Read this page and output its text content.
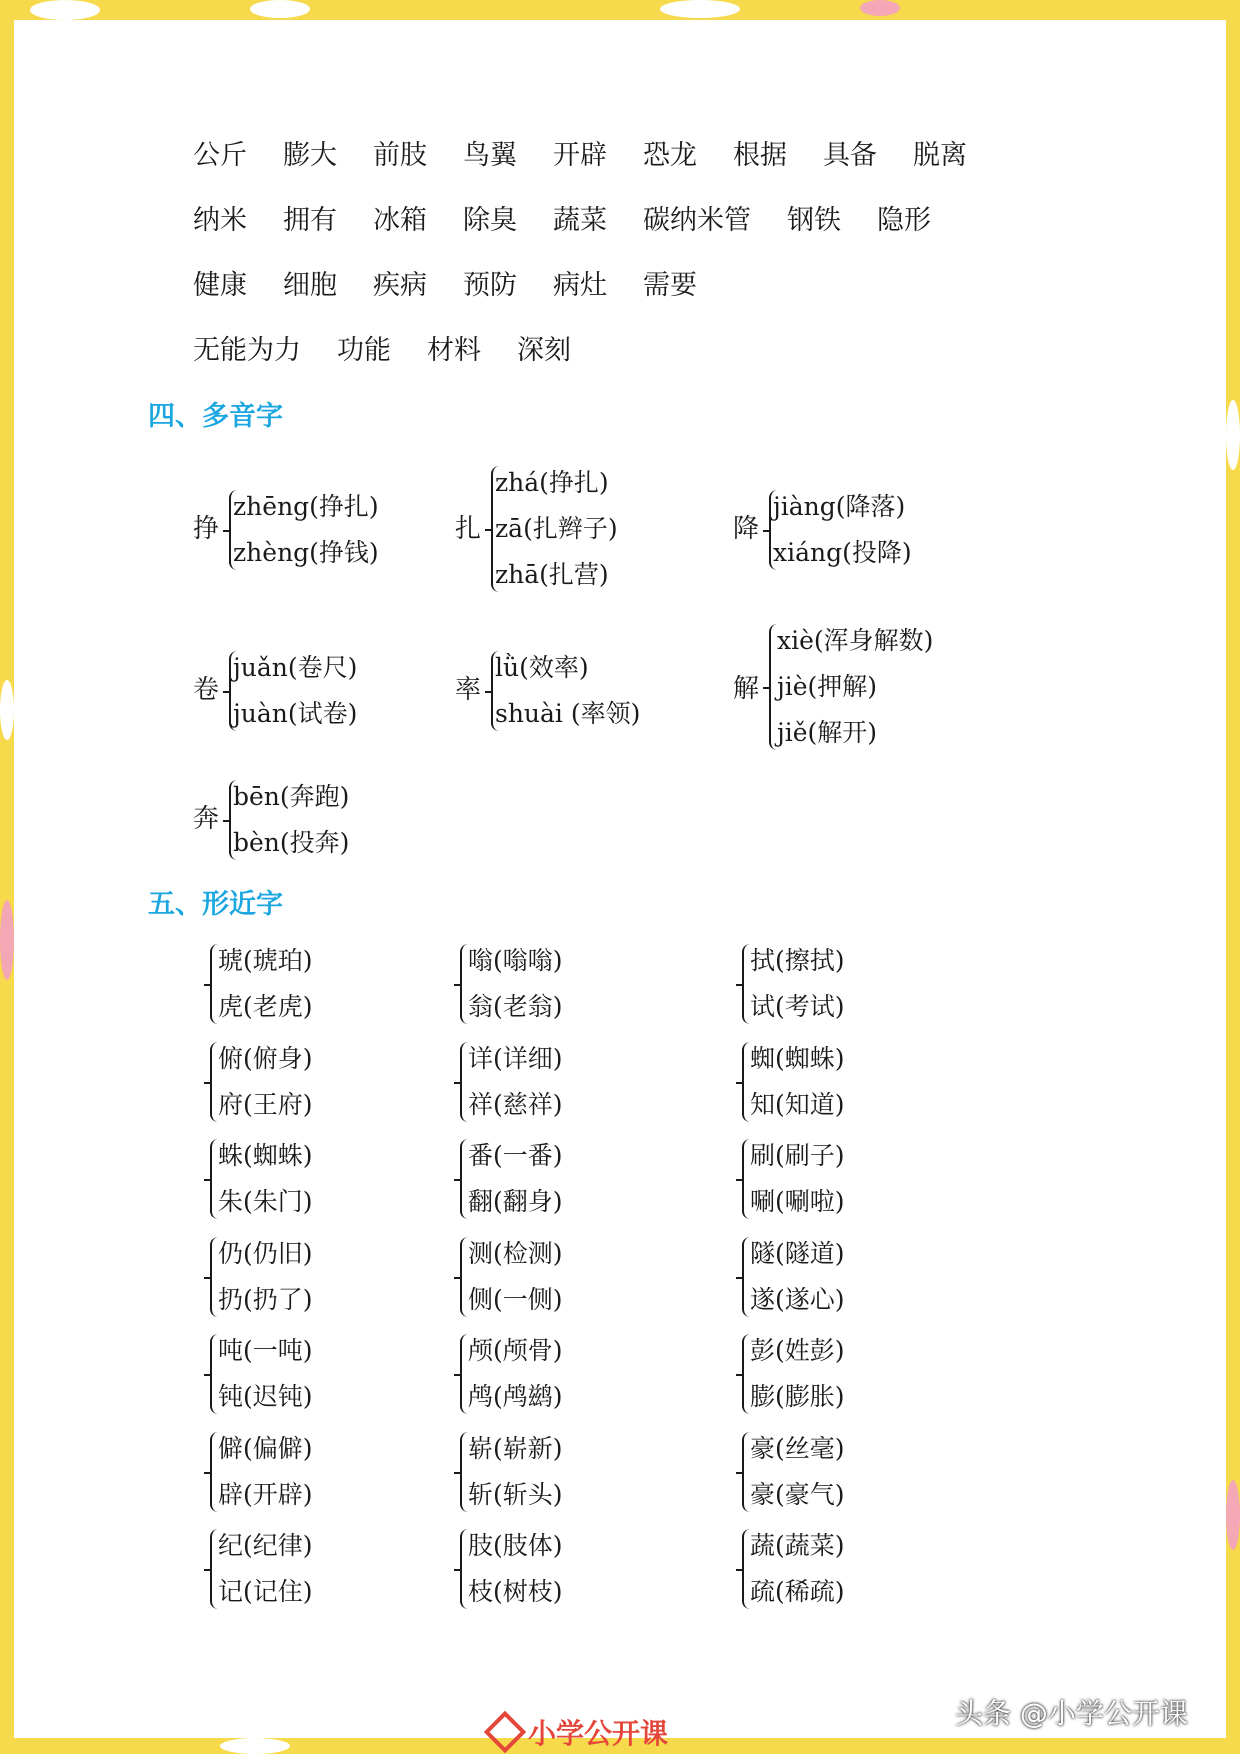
公斤 膨大 前肢 鸟翼 开辟 恐龙 根据 具备 脱离
纳米 拥有 冰箱 除臭 蔬菜 碳纳米管 钢铁 隐形
健康 细胞 疾病 预防 病灶 需要
无能为力 功能 材料 深刻
四、多音字
挣
zhēng(挣扎)
zhèng(挣钱)
扎
zhá(挣扎)
zā(扎辫子)
zhā(扎营)
降
jiàng(降落)
xiáng(投降)
卷
juǎn(卷尺)
juàn(试卷)
率
lǜ(效率)
shuài (率领)
解
xiè(浑身解数)
jiè(押解)
jiě(解开)
奔
bēn(奔跑)
bèn(投奔)
五、形近字
琥(琥珀)
虎(老虎)
嗡(嗡嗡)
翁(老翁)
拭(擦拭)
试(考试)
俯(俯身)
府(王府)
详(详细)
祥(慈祥)
蜘(蜘蛛)
知(知道)
蛛(蜘蛛)
朱(朱门)
番(一番)
翻(翻身)
刷(刷子)
唰(唰啦)
仍(仍旧)
扔(扔了)
测(检测)
侧(一侧)
隧(隧道)
遂(遂心)
吨(一吨)
钝(迟钝)
颅(颅骨)
鸬(鸬鹚)
彭(姓彭)
膨(膨胀)
僻(偏僻)
辟(开辟)
崭(崭新)
斩(斩头)
豪(丝毫)
豪(豪气)
纪(纪律)
记(记住)
肢(肢体)
枝(树枝)
蔬(蔬菜)
疏(稀疏)
小学公开课
头条 @小学公开课
